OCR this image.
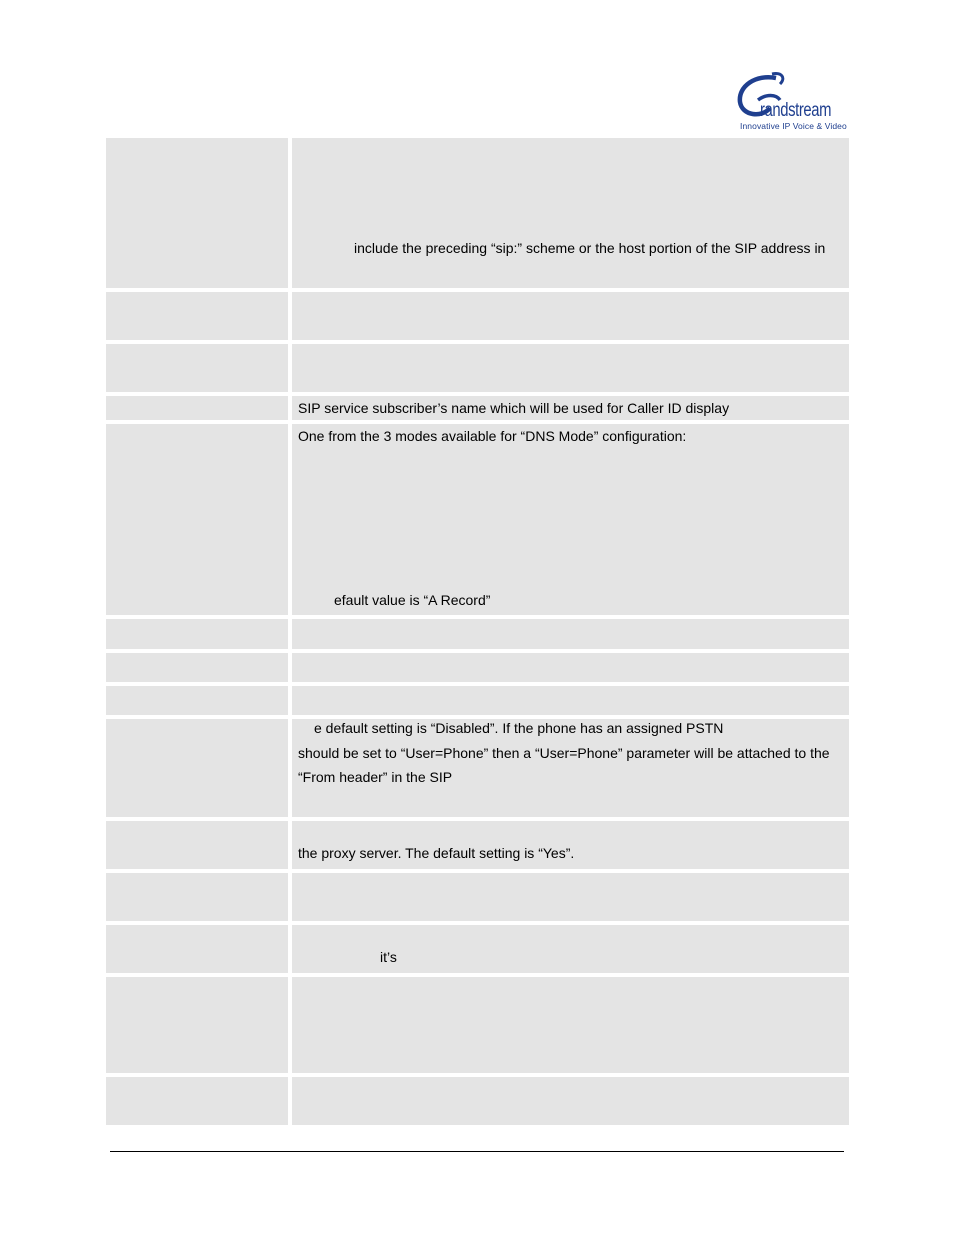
randstream
Innovative IP Voice & Video
include the preceding “sip:” scheme or the host portion of the SIP address in
SIP service subscriber’s name which will be used for Caller ID display
One from the 3 modes available for “DNS Mode” configuration:
efault value is “A Record”
e default setting is “Disabled”. If the phone has an assigned PSTN
should be set to “User=Phone” then a “User=Phone” parameter will be attached to the
“From header” in the SIP
the proxy server. The default setting is “Yes”.
it’s
